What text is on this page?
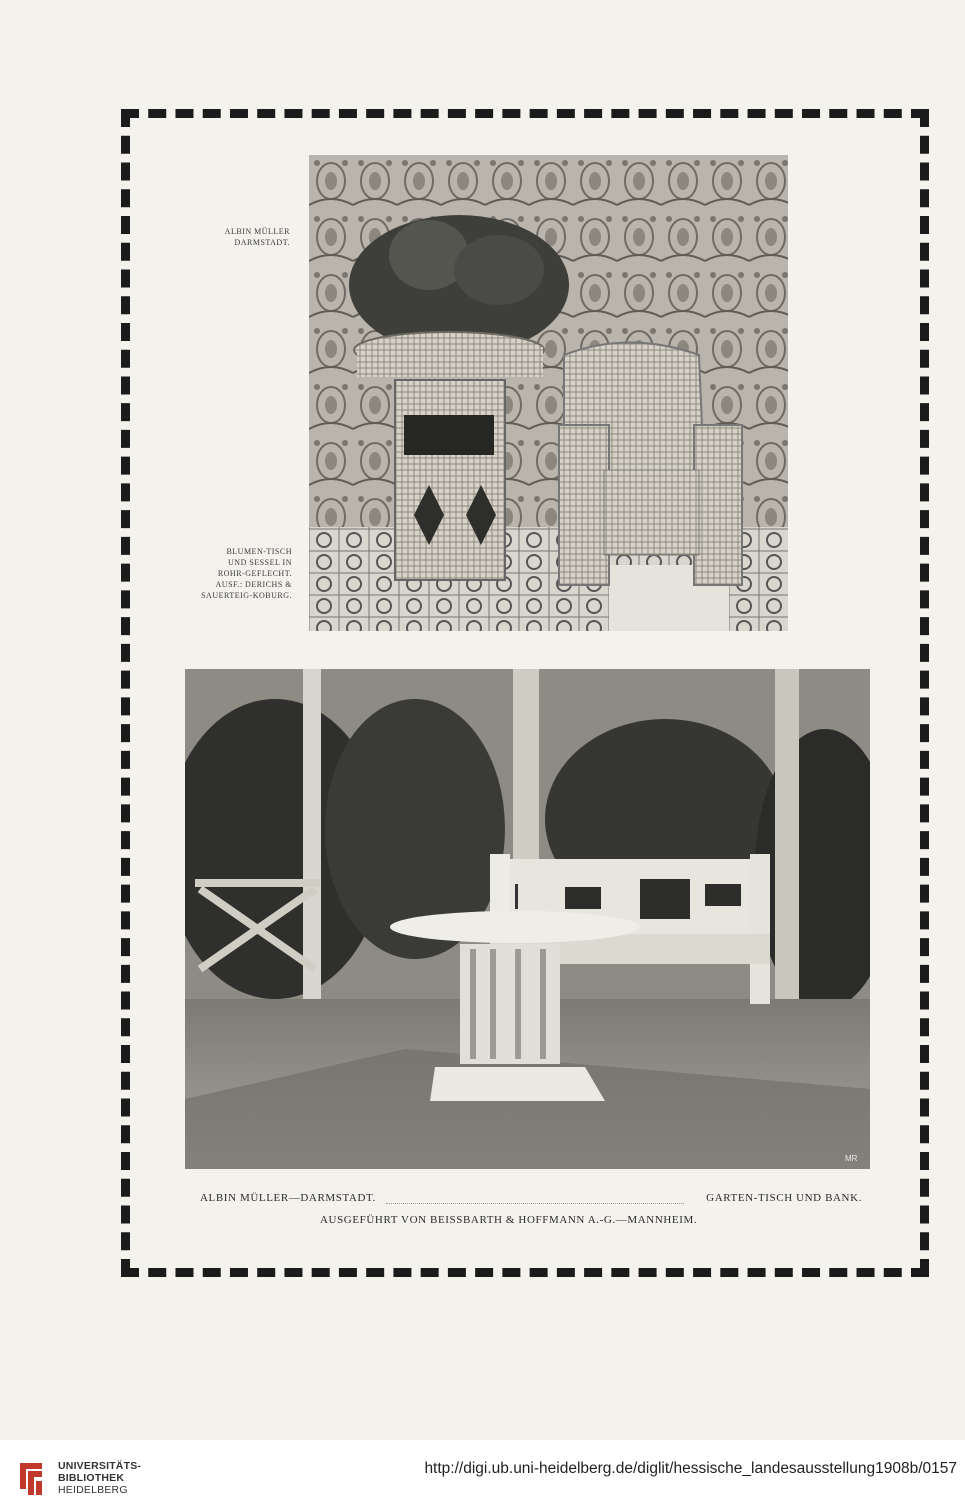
ALBIN MÜLLER
DARMSTADT.
BLUMEN-TISCH
UND SESSEL IN
ROHR-GEFLECHT.
AUSF.: DERICHS &
SAUERTEIG-KOBURG.
MR
ALBIN MÜLLER—DARMSTADT.	GARTEN-TISCH UND BANK.
AUSGEFÜHRT VON BEISSBARTH & HOFFMANN A.-G.—MANNHEIM.
UNIVERSITÄTS-
BIBLIOTHEK
HEIDELBERG
http://digi.ub.uni-heidelberg.de/diglit/hessische_landesausstellung1908b/0157
